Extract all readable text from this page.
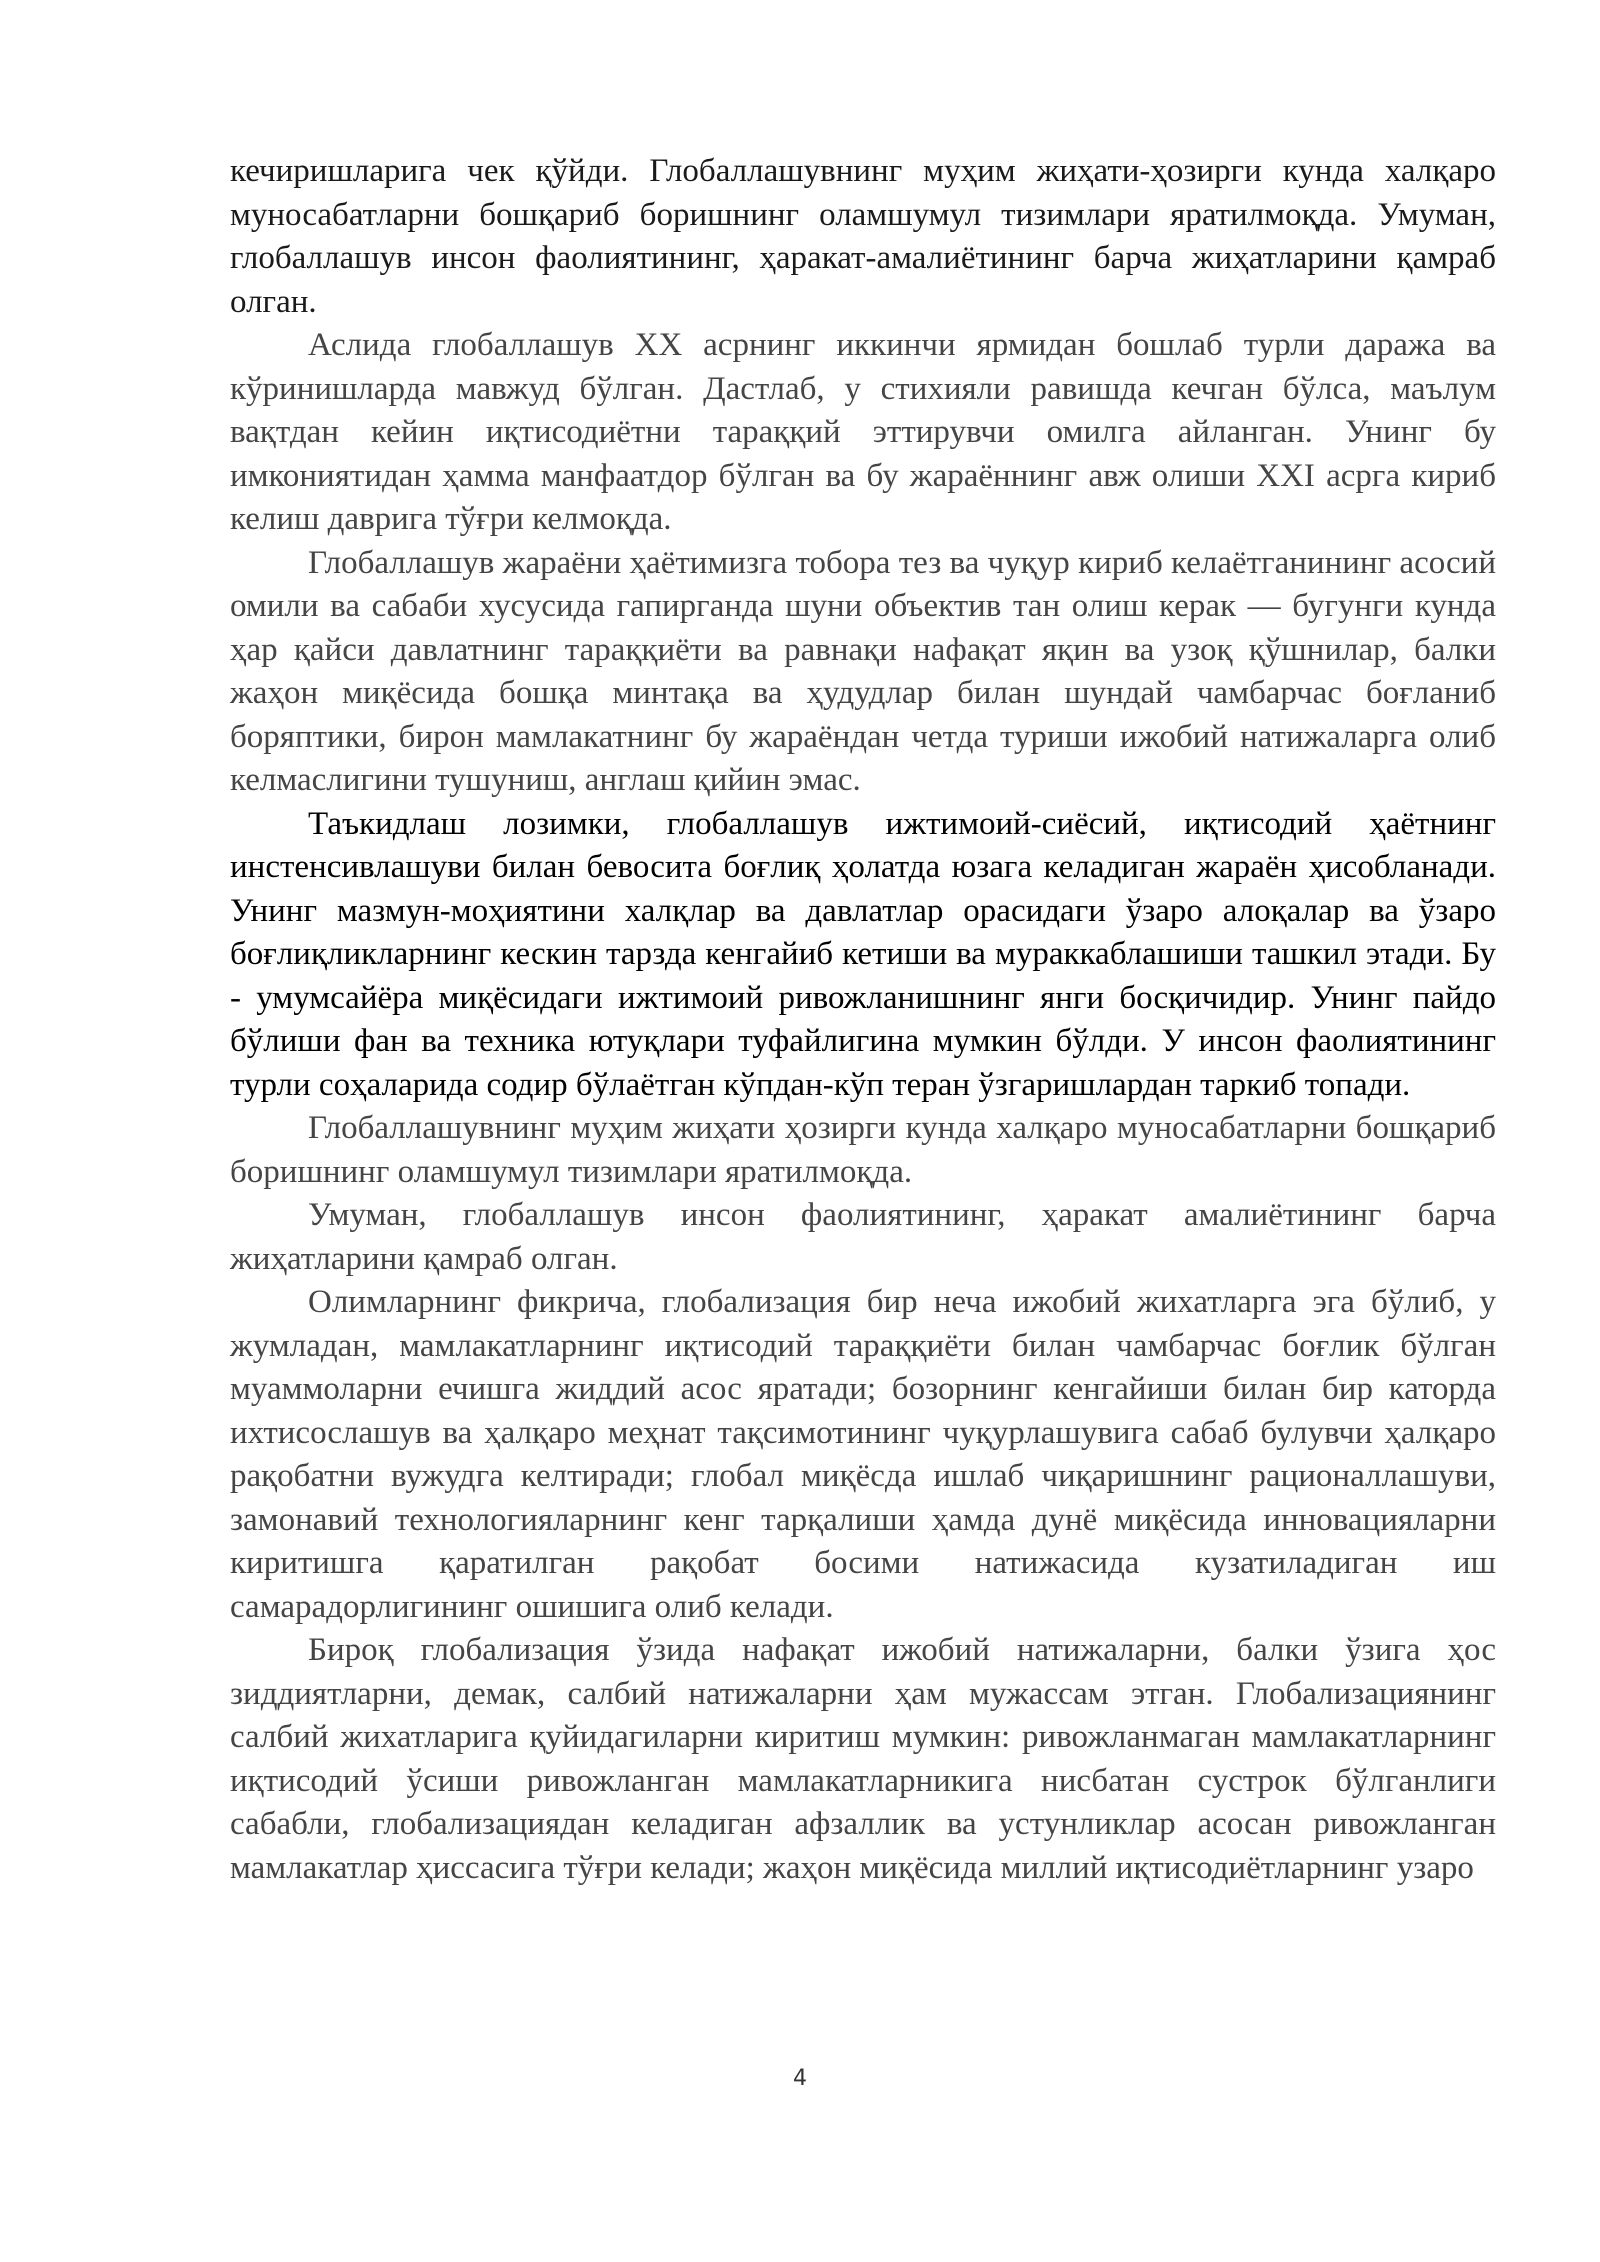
кечиришларига чек қўйди. Глобаллашувнинг муҳим жиҳати-ҳозирги кунда халқаро муносабатларни бошқариб боришнинг оламшумул тизимлари яратилмоқда. Умуман, глобаллашув инсон фаолиятининг, ҳаракат-амалиётининг барча жиҳатларини қамраб олган.

Аслида глобаллашув XX асрнинг иккинчи ярмидан бошлаб турли даража ва кўринишларда мавжуд бўлган. Дастлаб, у стихияли равишда кечган бўлса, маълум вақтдан кейин иқтисодиётни тараққий эттирувчи омилга айланган. Унинг бу имкониятидан ҳамма манфаатдор бўлган ва бу жараённинг авж олиши XXI асрга кириб келиш даврига тўғри келмоқда.

Глобаллашув жараёни ҳаётимизга тобора тез ва чуқур кириб келаётганининг асосий омили ва сабаби хусусида гапирганда шуни объектив тан олиш керак — бугунги кунда ҳар қайси давлатнинг тараққиёти ва равнақи нафақат яқин ва узоқ қўшнилар, балки жаҳон миқёсида бошқа минтақа ва ҳудудлар билан шундай чамбарчас боғланиб боряптики, бирон мамлакатнинг бу жараёндан четда туриши ижобий натижаларга олиб келмаслигини тушуниш, англаш қийин эмас.

Таъкидлаш лозимки, глобаллашув ижтимоий-сиёсий, иқтисодий ҳаётнинг инстенсивлашуви билан бевосита боғлиқ ҳолатда юзага келадиган жараён ҳисобланади. Унинг мазмун-моҳиятини халқлар ва давлатлар орасидаги ўзаро алоқалар ва ўзаро боғлиқликларнинг кескин тарзда кенгайиб кетиши ва мураккаблашиши ташкил этади. Бу - умумсайёра миқёсидаги ижтимоий ривожланишнинг янги босқичидир. Унинг пайдо бўлиши фан ва техника ютуқлари туфайлигина мумкин бўлди. У инсон фаолиятининг турли соҳаларида содир бўлаётган кўпдан-кўп теран ўзгаришлардан таркиб топади.

Глобаллашувнинг муҳим жиҳати ҳозирги кунда халқаро муносабатларни бошқариб боришнинг оламшумул тизимлари яратилмоқда.

Умуман, глобаллашув инсон фаолиятининг, ҳаракат амалиётининг барча жиҳатларини қамраб олган.

Олимларнинг фикрича, глобализация бир неча ижобий жихатларга эга бўлиб, у жумладан, мамлакатларнинг иқтисодий тараққиёти билан чамбарчас боғлик бўлган муаммоларни ечишга жиддий асос яратади; бозорнинг кенгайиши билан бир каторда ихтисослашув ва ҳалқаро меҳнат тақсимотининг чуқурлашувига сабаб булувчи ҳалқаро рақобатни вужудга келтиради; глобал миқёсда ишлаб чиқаришнинг рационаллашуви, замонавий технологияларнинг кенг тарқалиши ҳамда дунё миқёсида инновацияларни киритишга қаратилган рақобат босими натижасида кузатиладиган иш самарадорлигининг ошишига олиб келади.

Бироқ глобализация ўзида нафақат ижобий натижаларни, балки ўзига ҳос зиддиятларни, демак, салбий натижаларни ҳам мужассам этган. Глобализациянинг салбий жихатларига қуйидагиларни киритиш мумкин: ривожланмаган мамлакатларнинг иқтисодий ўсиши ривожланган мамлакатларникига нисбатан сустрок бўлганлиги сабабли, глобализациядан келадиган афзаллик ва устунликлар асосан ривожланган мамлакатлар ҳиссасига тўғри келади; жаҳон миқёсида миллий иқтисодиётларнинг узаро

4
